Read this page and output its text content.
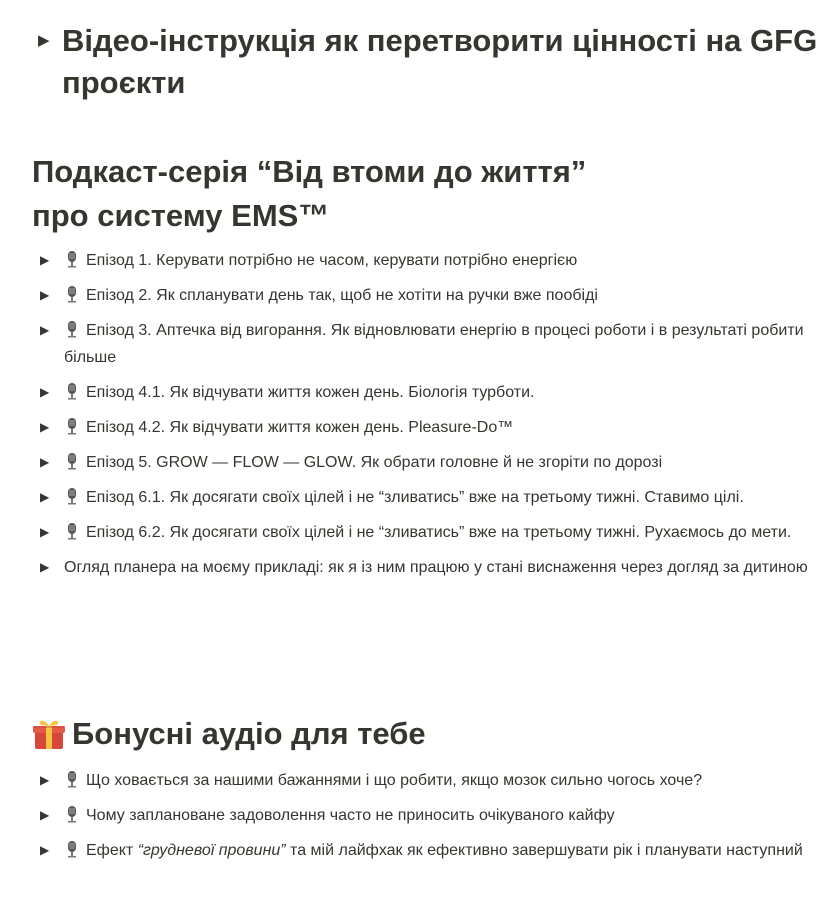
▶ Відео-інструкція як перетворити цінності на GFG проєкти
Подкаст-серія “Від втоми до життя”
про систему EMS™
▶	Епізод 1. Керувати потрібно не часом, керувати потрібно енергією
▶	Епізод 2. Як спланувати день так, щоб не хотіти на ручки вже пообіді
▶	Епізод 3. Аптечка від вигорання. Як відновлювати енергію в процесі роботи і в результаті робити більше
▶	Епізод 4.1. Як відчувати життя кожен день. Біологія турботи.
▶	Епізод 4.2. Як відчувати життя кожен день. Pleasure-Do™
▶	Епізод 5. GROW — FLOW — GLOW. Як обрати головне й не згоріти по дорозі
▶	Епізод 6.1. Як досягати своїх цілей і не “зливатись” вже на третьому тижні. Ставимо цілі.
▶	Епізод 6.2. Як досягати своїх цілей і не “зливатись” вже на третьому тижні. Рухаємось до мети.
▶ Огляд планера на моєму прикладі: як я із ним працюю у стані виснаження через догляд за дитиною
Бонусні аудіо для тебе
▶	Що ховається за нашими бажаннями і що робити, якщо мозок сильно чогось хоче?
▶	Чому заплановане задоволення часто не приносить очікуваного кайфу
▶	Ефект “грудневої провини” та мій лайфхак як ефективно завершувати рік і планувати наступний
